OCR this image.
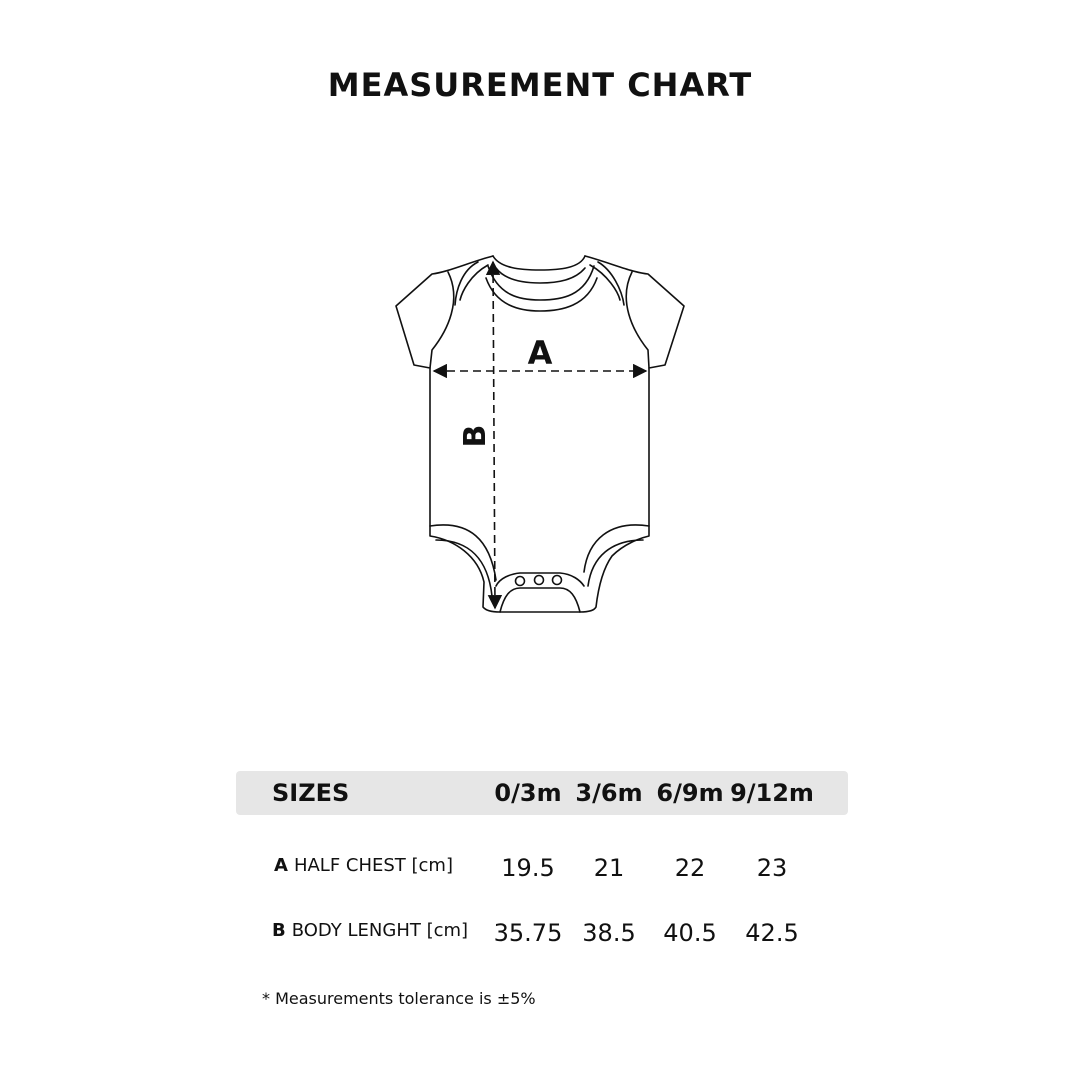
MEASUREMENT CHART
A
B
SIZES	0/3m 3/6m 6/9m 9/12m
A HALF CHEST [cm] 19.5 21 22 23
B BODY LENGHT [cm] 35.75 38.5 40.5 42.5
* Measurements tolerance is ±5%
